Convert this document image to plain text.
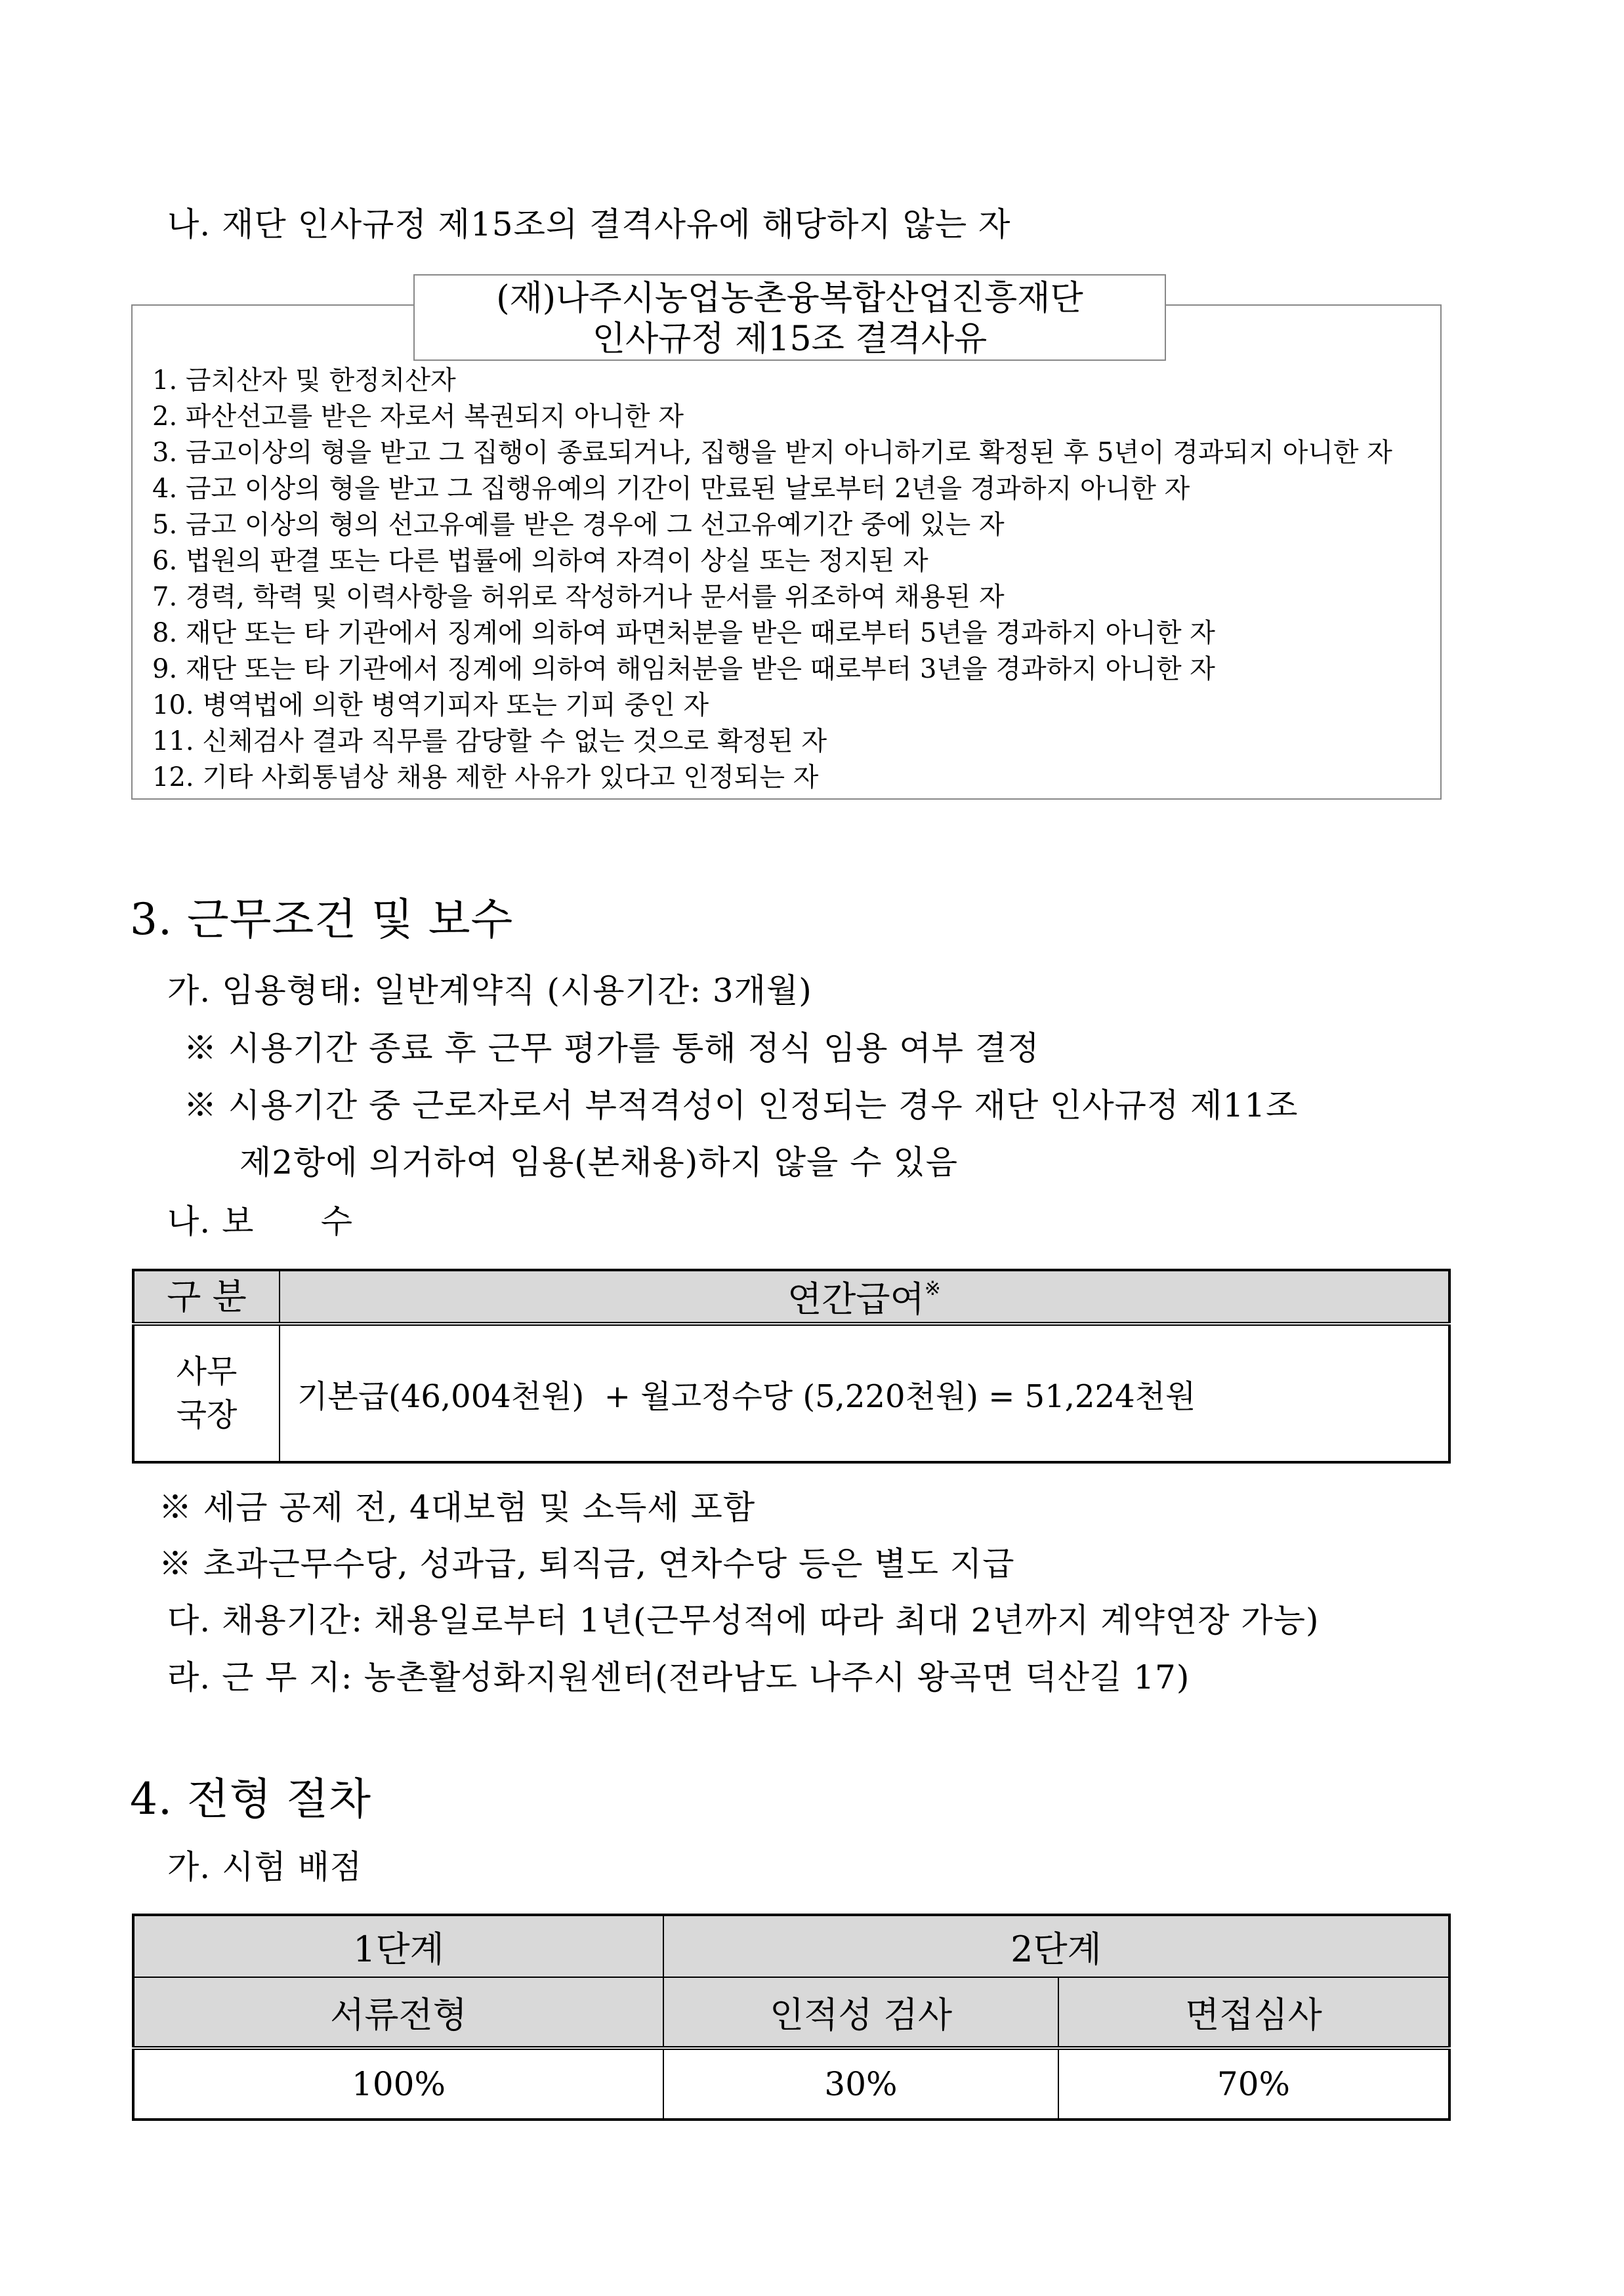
나. 재단 인사규정 제15조의 결격사유에 해당하지 않는 자
(재)나주시농업농촌융복합산업진흥재단
인사규정 제15조 결격사유
1. 금치산자 및 한정치산자
2. 파산선고를 받은 자로서 복권되지 아니한 자
3. 금고이상의 형을 받고 그 집행이 종료되거나, 집행을 받지 아니하기로 확정된 후 5년이 경과되지 아니한 자
4. 금고 이상의 형을 받고 그 집행유예의 기간이 만료된 날로부터 2년을 경과하지 아니한 자
5. 금고 이상의 형의 선고유예를 받은 경우에 그 선고유예기간 중에 있는 자
6. 법원의 판결 또는 다른 법률에 의하여 자격이 상실 또는 정지된 자
7. 경력, 학력 및 이력사항을 허위로 작성하거나 문서를 위조하여 채용된 자
8. 재단 또는 타 기관에서 징계에 의하여 파면처분을 받은 때로부터 5년을 경과하지 아니한 자
9. 재단 또는 타 기관에서 징계에 의하여 해임처분을 받은 때로부터 3년을 경과하지 아니한 자
10. 병역법에 의한 병역기피자 또는 기피 중인 자
11. 신체검사 결과 직무를 감당할 수 없는 것으로 확정된 자
12. 기타 사회통념상 채용 제한 사유가 있다고 인정되는 자
3. 근무조건 및 보수
가. 임용형태: 일반계약직 (시용기간: 3개월)
※ 시용기간 종료 후 근무 평가를 통해 정식 임용 여부 결정
※ 시용기간 중 근로자로서 부적격성이 인정되는 경우 재단 인사규정 제11조
제2항에 의거하여 임용(본채용)하지 않을 수 있음
나. 보      수
구 분	연간급여※

사무
국장	기본급(46,004천원)  + 월고정수당 (5,220천원) = 51,224천원
※ 세금 공제 전, 4대보험 및 소득세 포함
※ 초과근무수당, 성과급, 퇴직금, 연차수당 등은 별도 지급
다. 채용기간: 채용일로부터 1년(근무성적에 따라 최대 2년까지 계약연장 가능)
라. 근 무 지: 농촌활성화지원센터(전라남도 나주시 왕곡면 덕산길 17)
4. 전형 절차
가. 시험 배점
1단계	2단계	
서류전형	인적성 검사	면접심사
100%	30%	70%
